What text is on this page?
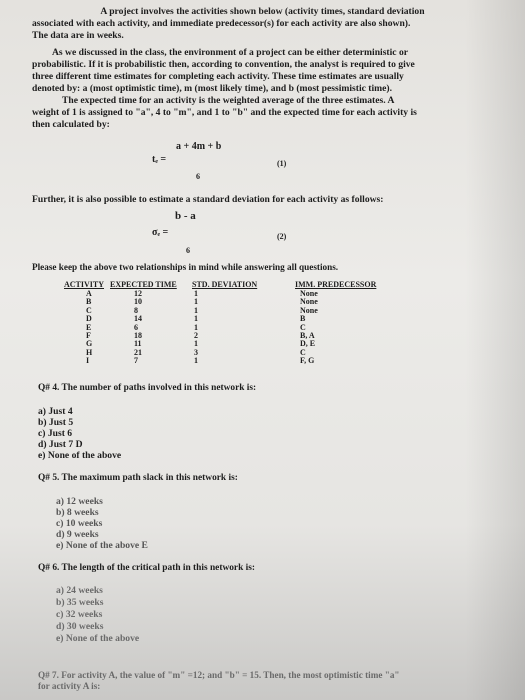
A project involves the activities shown below (activity times, standard deviation
associated with each activity, and immediate predecessor(s) for each activity are also shown).
The data are in weeks.
As we discussed in the class, the environment of a project can be either deterministic or
probabilistic. If it is probabilistic then, according to convention, the analyst is required to give
three different time estimates for completing each activity. These time estimates are usually
denoted by: a (most optimistic time), m (most likely time), and b (most pessimistic time).
The expected time for an activity is the weighted average of the three estimates. A
weight of 1 is assigned to "a", 4 to "m", and 1 to "b" and the expected time for each activity is
then calculated by:
a + 4m + b
tₑ =
6
(1)
Further, it is also possible to estimate a standard deviation for each activity as follows:
b - a
σₑ =
6
(2)
Please keep the above two relationships in mind while answering all questions.
ACTIVITY	EXPECTED TIME	STD. DEVIATION	IMM. PREDECESSOR
A	12	1	None
B	10	1	None
C	8	1	None
D	14	1	B
E	6	1	C
F	18	2	B, A
G	11	1	D, E
H	21	3	C
I	7	1	F, G
Q# 4. The number of paths involved in this network is:
a) Just 4
b) Just 5
c) Just 6
d) Just 7 D
e) None of the above
Q# 5. The maximum path slack in this network is:
a) 12 weeks
b) 8 weeks
c) 10 weeks
d) 9 weeks
e) None of the above E
Q# 6. The length of the critical path in this network is:
a) 24 weeks
b) 35 weeks
c) 32 weeks
d) 30 weeks
e) None of the above
Q# 7. For activity A, the value of "m" =12; and "b" = 15. Then, the most optimistic time "a"
for activity A is:
